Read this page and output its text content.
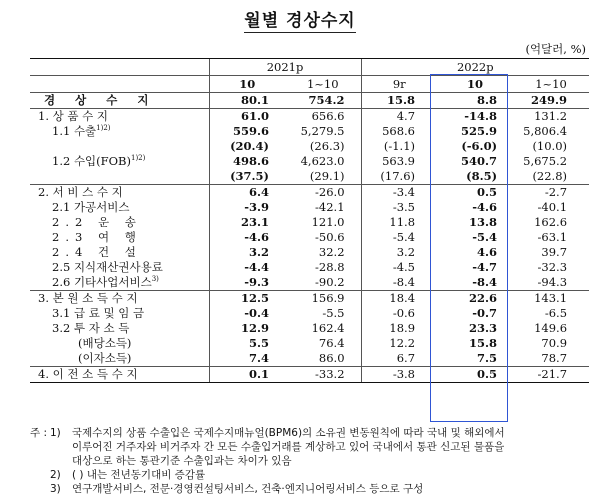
월별 경상수지
(억달러, %)
	2021p		2022p		
	10	1~10	9r	10	1~10
경 상 수 지	80.1	754.2	15.8	8.8	249.9
1. 상 품 수 지	61.0	656.6	4.7	-14.8	131.2
1.1 수출$^{1)2)}$	559.6	5,279.5	568.6	525.9	5,806.4
	(20.4)	(26.3)	(-1.1)	(-6.0)	(10.0)
1.2 수입(FOB)$^{1)2)}$	498.6	4,623.0	563.9	540.7	5,675.2
	(37.5)	(29.1)	(17.6)	(8.5)	(22.8)
2. 서 비 스 수 지	6.4	-26.0	-3.4	0.5	-2.7
2.1 가공서비스	-3.9	-42.1	-3.5	-4.6	-40.1
2.2 운 송	23.1	121.0	11.8	13.8	162.6
2.3 여 행	-4.6	-50.6	-5.4	-5.4	-63.1
2.4 건 설	3.2	32.2	3.2	4.6	39.7
2.5 지식재산권사용료	-4.4	-28.8	-4.5	-4.7	-32.3
2.6 기타사업서비스$^{3)}$	-9.3	-90.2	-8.4	-8.4	-94.3
3. 본 원 소 득 수 지	12.5	156.9	18.4	22.6	143.1
3.1 급 료 및 임 금	-0.4	-5.5	-0.6	-0.7	-6.5
3.2 투 자 소 득	12.9	162.4	18.9	23.3	149.6
(배당소득)	5.5	76.4	12.2	15.8	70.9
(이자소득)	7.4	86.0	6.7	7.5	78.7
4. 이 전 소 득 수 지	0.1	-33.2	-3.8	0.5	-21.7
주 : 1)	국제수지의 상품 수출입은 국제수지매뉴얼(BPM6)의 소유권 변동원칙에 따라 국내 및 해외에서
이루어진 거주자와 비거주자 간 모든 수출입거래를 계상하고 있어 국내에서 통관 신고된 물품을
대상으로 하는 통관기준 수출입과는 차이가 있음
2)	( ) 내는 전년동기대비 증감률
3)	연구개발서비스, 전문·경영컨설팅서비스, 건축·엔지니어링서비스 등으로 구성
